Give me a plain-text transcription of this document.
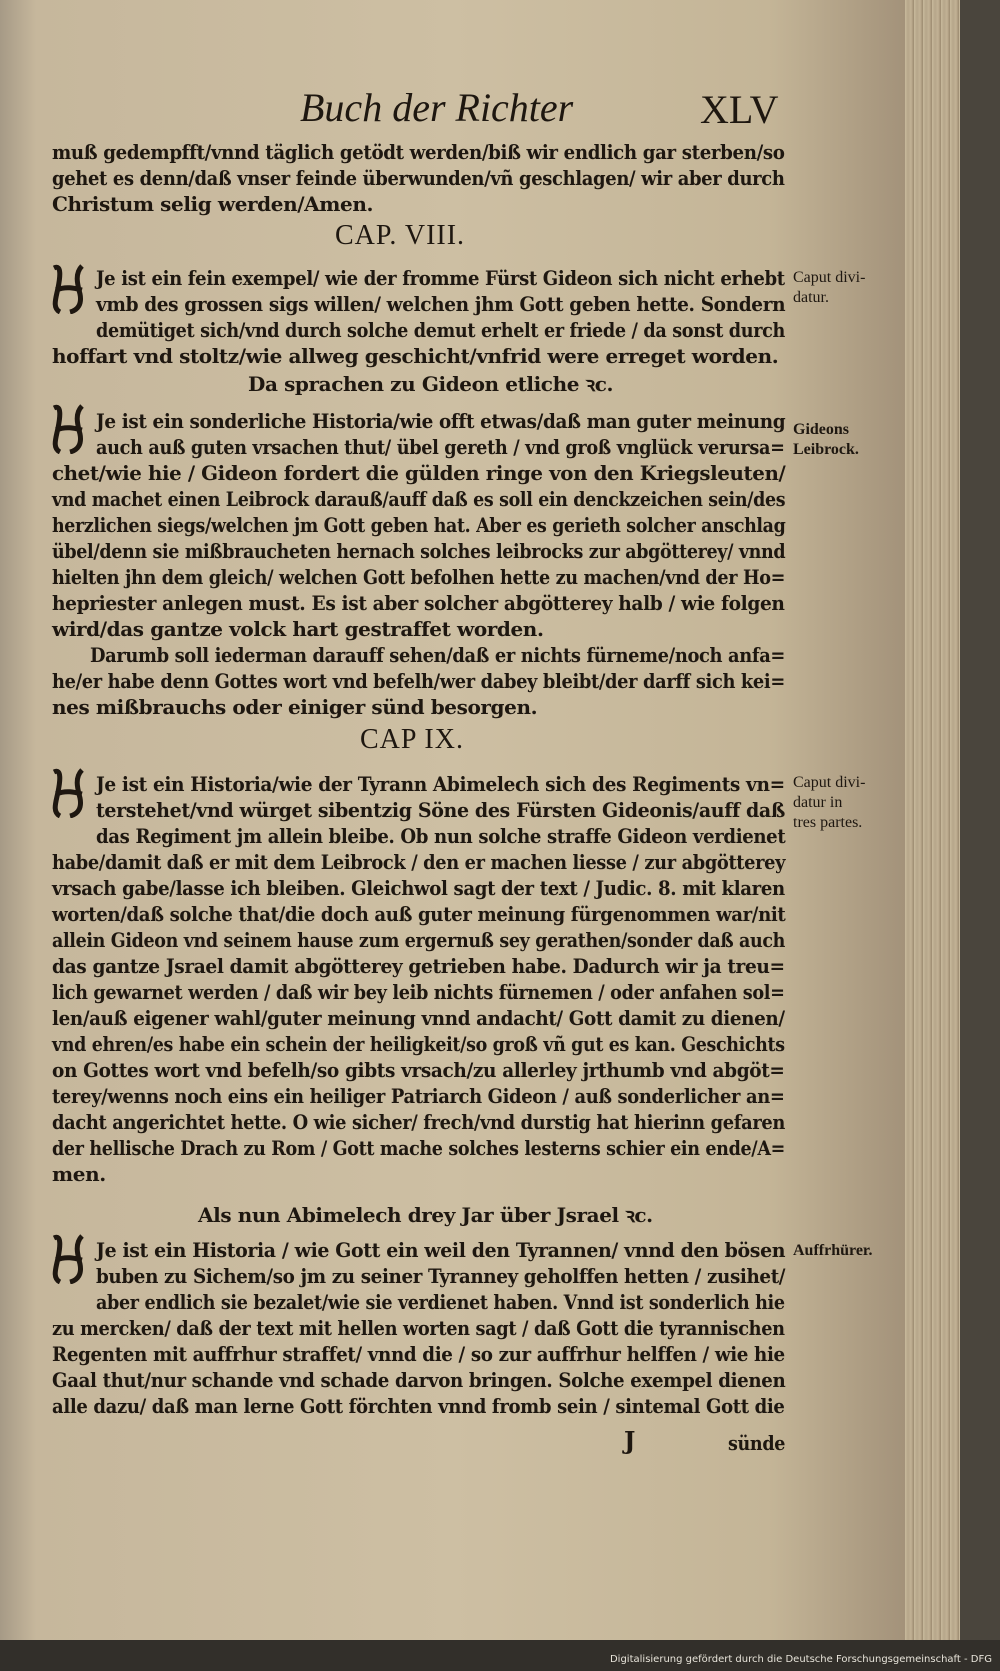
Buch der Richter	XLV

muß gedempfft/vnnd täglich getödt werden/biß wir endlich gar sterben/so

gehet es denn/daß vnser feinde überwunden/vñ geschlagen/ wir aber durch

Christum selig werden/Amen.

CAP. VIII.

Je ist ein fein exempel/ wie der fromme Fürst Gideon sich nicht erhebt

vmb des grossen sigs willen/ welchen jhm Gott geben hette. Sondern

demütiget sich/vnd durch solche demut erhelt er friede / da sonst durch

hoffart vnd stoltz/wie allweg geschicht/vnfrid were erreget worden.

Da sprachen zu Gideon etliche ꝛc.

Je ist ein sonderliche Historia/wie offt etwas/daß man guter meinung

auch auß guten vrsachen thut/ übel gereth / vnd groß vnglück verursa=

chet/wie hie / Gideon fordert die gülden ringe von den Kriegsleuten/

vnd machet einen Leibrock darauß/auff daß es soll ein denckzeichen sein/des

herzlichen siegs/welchen jm Gott geben hat. Aber es gerieth solcher anschlag

übel/denn sie mißbraucheten hernach solches leibrocks zur abgötterey/ vnnd

hielten jhn dem gleich/ welchen Gott befolhen hette zu machen/vnd der Ho=

hepriester anlegen must. Es ist aber solcher abgötterey halb / wie folgen

wird/das gantze volck hart gestraffet worden.

Darumb soll iederman darauff sehen/daß er nichts fürneme/noch anfa=

he/er habe denn Gottes wort vnd befelh/wer dabey bleibt/der darff sich kei=

nes mißbrauchs oder einiger sünd besorgen.

CAP IX.

Je ist ein Historia/wie der Tyrann Abimelech sich des Regiments vn=

terstehet/vnd würget sibentzig Söne des Fürsten Gideonis/auff daß

das Regiment jm allein bleibe. Ob nun solche straffe Gideon verdienet

habe/damit daß er mit dem Leibrock / den er machen liesse / zur abgötterey

vrsach gabe/lasse ich bleiben. Gleichwol sagt der text / Judic. 8. mit klaren

worten/daß solche that/die doch auß guter meinung fürgenommen war/nit

allein Gideon vnd seinem hause zum ergernuß sey gerathen/sonder daß auch

das gantze Jsrael damit abgötterey getrieben habe. Dadurch wir ja treu=

lich gewarnet werden / daß wir bey leib nichts fürnemen / oder anfahen sol=

len/auß eigener wahl/guter meinung vnnd andacht/ Gott damit zu dienen/

vnd ehren/es habe ein schein der heiligkeit/so groß vñ gut es kan. Geschichts

on Gottes wort vnd befelh/so gibts vrsach/zu allerley jrthumb vnd abgöt=

terey/wenns noch eins ein heiliger Patriarch Gideon / auß sonderlicher an=

dacht angerichtet hette. O wie sicher/ frech/vnd durstig hat hierinn gefaren

der hellische Drach zu Rom / Gott mache solches lesterns schier ein ende/A=

men.

Als nun Abimelech drey Jar über Jsrael ꝛc.

Je ist ein Historia / wie Gott ein weil den Tyrannen/ vnnd den bösen

buben zu Sichem/so jm zu seiner Tyranney geholffen hetten / zusihet/

aber endlich sie bezalet/wie sie verdienet haben. Vnnd ist sonderlich hie

zu mercken/ daß der text mit hellen worten sagt / daß Gott die tyrannischen

Regenten mit auffrhur straffet/ vnnd die / so zur auffrhur helffen / wie hie

Gaal thut/nur schande vnd schade darvon bringen. Solche exempel dienen

alle dazu/ daß man lerne Gott förchten vnnd fromb sein / sintemal Gott die

J	sünde

Caput divi-
datur.

Gideons
Leibrock.

Caput divi-
datur in
tres partes.

Auffrhürer.

Digitalisierung gefördert durch die Deutsche Forschungsgemeinschaft - DFG
